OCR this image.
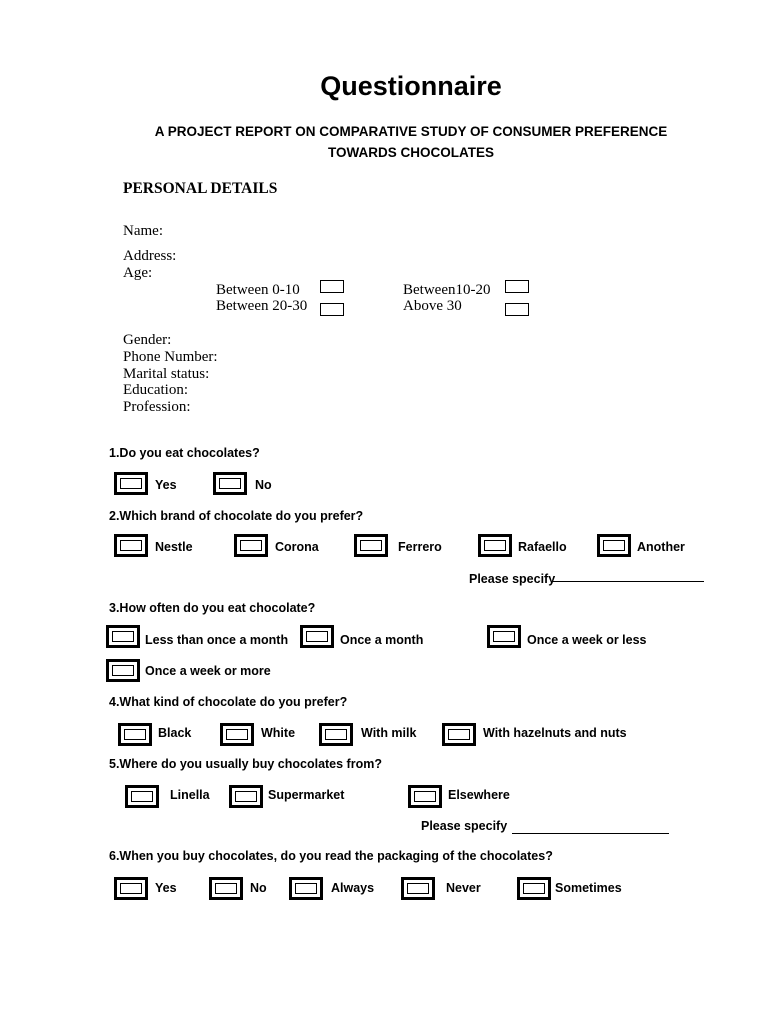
Questionnaire
A PROJECT REPORT ON COMPARATIVE STUDY OF CONSUMER PREFERENCE TOWARDS CHOCOLATES
PERSONAL DETAILS
Name:
Address:
Age:
Between 0-10	Between10-20
Between 20-30	Above 30
Gender:
Phone Number:
Marital status:
Education:
Profession:
1.Do you eat chocolates?
Yes	No
2.Which brand of chocolate do you prefer?
Nestle	Corona	Ferrero	Rafaello	Another
Please specify
3.How often do you eat chocolate?
Less than once a month	Once a month	Once a week or less
Once a week or more
4.What kind of chocolate do you prefer?
Black	White	With milk	With hazelnuts and nuts
5.Where do you usually buy chocolates from?
Linella	Supermarket	Elsewhere
Please specify
6.When you buy chocolates, do you read the packaging of the chocolates?
Yes	No	Always	Never	Sometimes
